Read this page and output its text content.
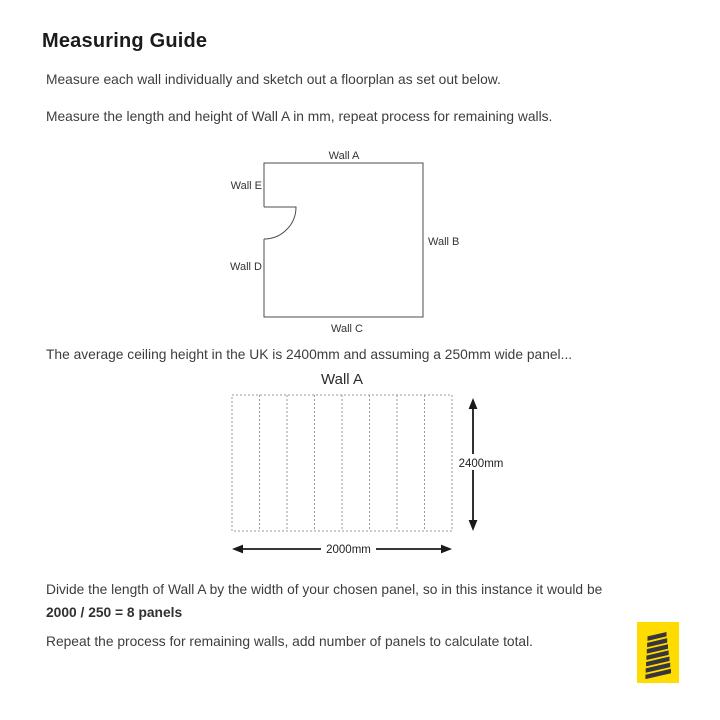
Measuring Guide

Measure each wall individually and sketch out a floorplan as set out below.

Measure the length and height of Wall A in mm, repeat process for remaining walls.

Wall A
Wall E
Wall B
Wall D
Wall C

The average ceiling height in the UK is 2400mm and assuming a 250mm wide panel...

Wall A
2400mm
2000mm

Divide the length of Wall A by the width of your chosen panel, so in this instance it would be

2000 / 250 = 8 panels

Repeat the process for remaining walls, add number of panels to calculate total.
